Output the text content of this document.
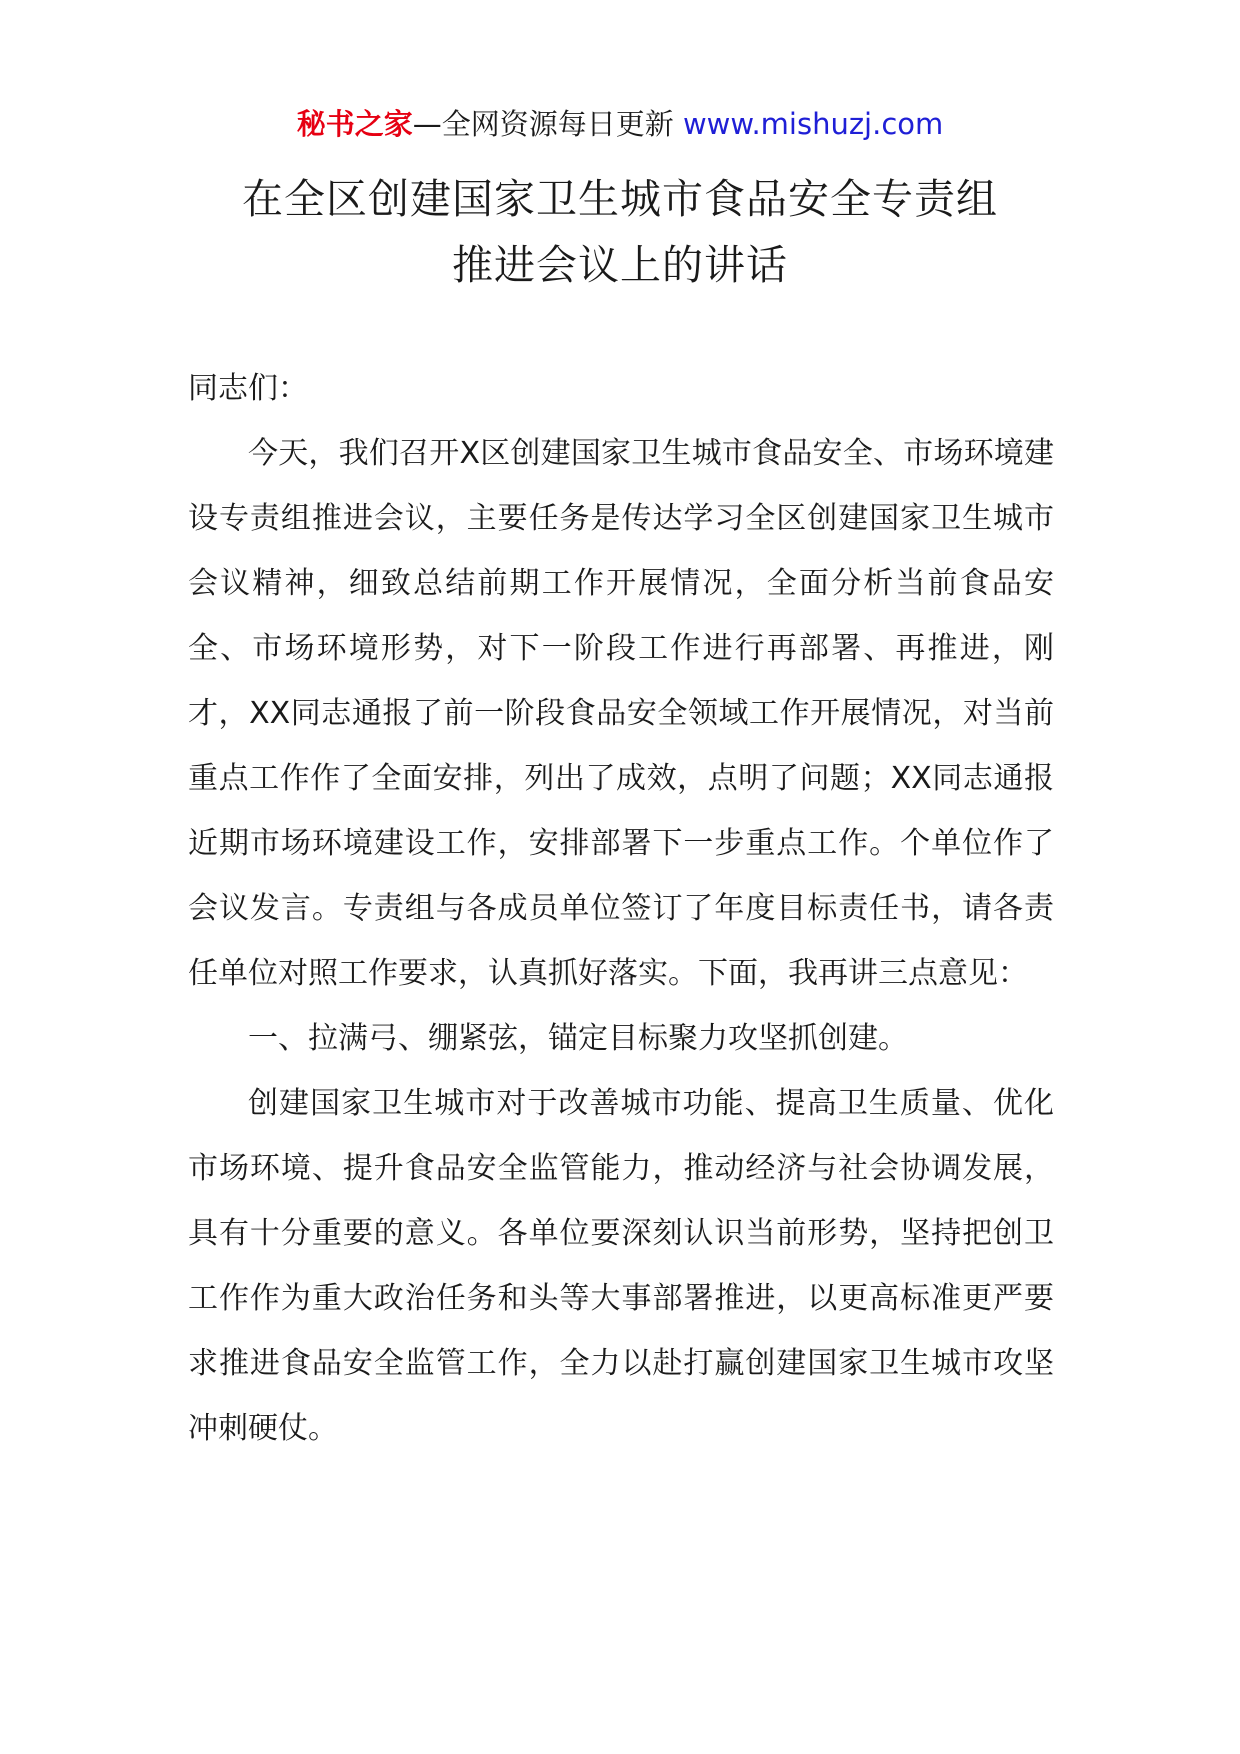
秘书之家—全网资源每日更新 www.mishuzj.com
在全区创建国家卫生城市食品安全专责组
推进会议上的讲话

同志们：

今天，我们召开X区创建国家卫生城市食品安全、市场环境建设专责组推进会议，主要任务是传达学习全区创建国家卫生城市会议精神，细致总结前期工作开展情况，全面分析当前食品安全、市场环境形势，对下一阶段工作进行再部署、再推进，刚才，XX同志通报了前一阶段食品安全领域工作开展情况，对当前重点工作作了全面安排，列出了成效，点明了问题；XX同志通报近期市场环境建设工作，安排部署下一步重点工作。个单位作了会议发言。专责组与各成员单位签订了年度目标责任书，请各责任单位对照工作要求，认真抓好落实。下面，我再讲三点意见：

一、拉满弓、绷紧弦，锚定目标聚力攻坚抓创建。

创建国家卫生城市对于改善城市功能、提高卫生质量、优化市场环境、提升食品安全监管能力，推动经济与社会协调发展，具有十分重要的意义。各单位要深刻认识当前形势，坚持把创卫工作作为重大政治任务和头等大事部署推进，以更高标准更严要求推进食品安全监管工作，全力以赴打赢创建国家卫生城市攻坚冲刺硬仗。
